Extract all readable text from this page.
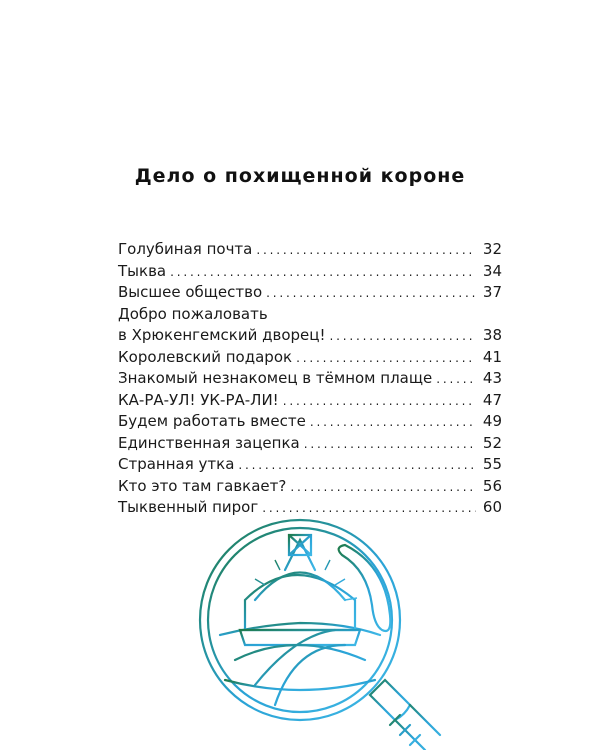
Дело о похищенной короне
Голубиная почта . . .	32
Тыква . . .	34
Высшее общество . . .	37
Добро пожаловать
в Хрюкенгемский дворец! . . .	38
Королевский подарок . . .	41
Знакомый незнакомец в тёмном плаще . . .	43
КА-РА-УЛ! УК-РА-ЛИ! . . .	47
Будем работать вместе . . .	49
Единственная зацепка . . .	52
Странная утка . . .	55
Кто это там гавкает? . . .	56
Тыквенный пирог . . .	60
